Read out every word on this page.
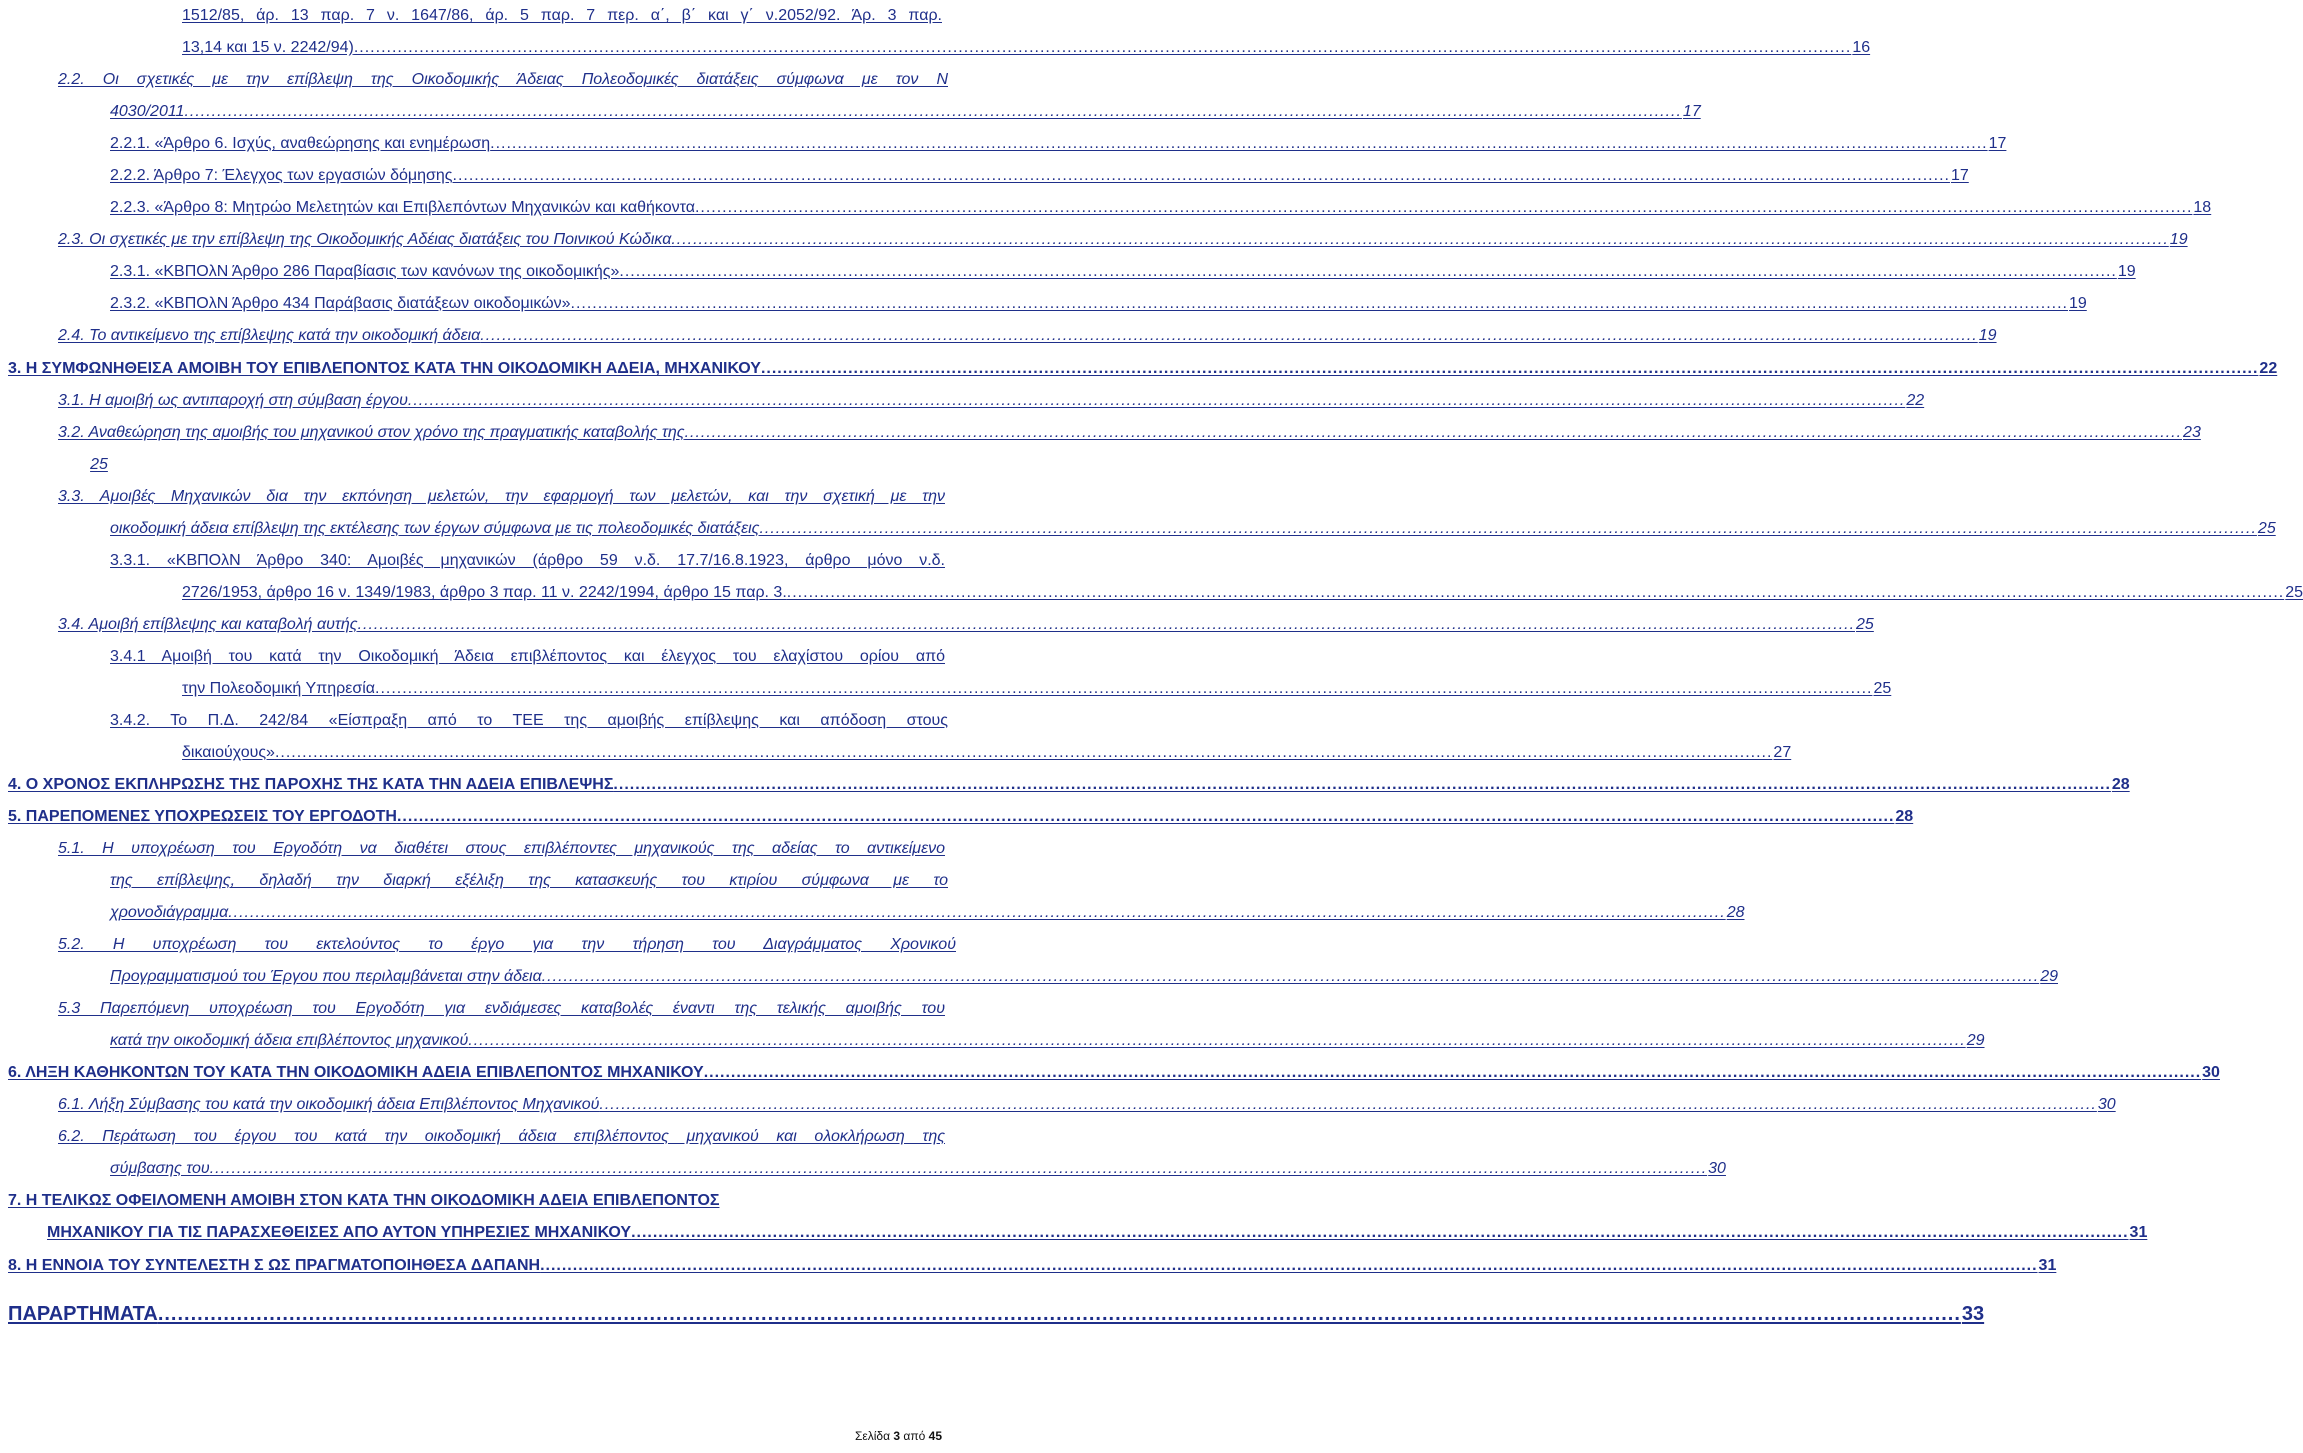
1512/85, άρ. 13 παρ. 7 ν. 1647/86, άρ. 5 παρ. 7 περ. α΄, β΄ και γ΄ ν.2052/92. Άρ. 3 παρ.
13,14 και 15 ν. 2242/94) .....	16
2.2. Οι σχετικές με την επίβλεψη της Οικοδομικής Άδειας Πολεοδομικές διατάξεις σύμφωνα με τον Ν
4030/2011 .....	17
2.2.1. «Άρθρο 6. Ισχύς, αναθεώρησης και ενημέρωση .....	17
2.2.2. Άρθρο 7: Έλεγχος των εργασιών δόμησης .....	17
2.2.3. «Άρθρο 8: Μητρώο Μελετητών και Επιβλεπόντων Μηχανικών και καθήκοντα .....	18
2.3. Οι σχετικές με την επίβλεψη της Οικοδομικής Αδέιας διατάξεις του Ποινικού Κώδικα .....	19
2.3.1. «ΚΒΠΟλΝ Άρθρο 286 Παραβίασις των κανόνων της οικοδομικής» .....	19
2.3.2. «ΚΒΠΟλΝ Άρθρο 434 Παράβασις διατάξεων οικοδομικών» .....	19
2.4. Το αντικείμενο της επίβλεψης κατά την οικοδομική άδεια .....	19
3. Η ΣΥΜΦΩΝΗΘΕΙΣΑ ΑΜΟΙΒΗ ΤΟΥ ΕΠΙΒΛΕΠΟΝΤΟΣ ΚΑΤΑ ΤΗΝ ΟΙΚΟΔΟΜΙΚΗ ΑΔΕΙΑ, ΜΗΧΑΝΙΚΟΥ .....	22
3.1. Η αμοιβή ως αντιπαροχή στη σύμβαση έργου .....	22
3.2. Αναθεώρηση της αμοιβής του μηχανικού στον χρόνο της πραγματικής καταβολής της .....	23
25
3.3. Αμοιβές Μηχανικών δια την εκπόνηση μελετών, την εφαρμογή των μελετών, και την σχετική με την
οικοδομική άδεια επίβλεψη της εκτέλεσης των έργων σύμφωνα με τις πολεοδομικές διατάξεις .....	25
3.3.1. «ΚΒΠΟλΝ Άρθρο 340: Αμοιβές μηχανικών (άρθρο 59 ν.δ. 17.7/16.8.1923, άρθρο μόνο ν.δ.
2726/1953, άρθρο 16 ν. 1349/1983, άρθρο 3 παρ. 11 ν. 2242/1994, άρθρο 15 παρ. 3. .....	25
3.4. Αμοιβή επίβλεψης και καταβολή αυτής .....	25
3.4.1 Αμοιβή του κατά την Οικοδομική Άδεια επιβλέποντος και έλεγχος του ελαχίστου ορίου από
την Πολεοδομική Υπηρεσία .....	25
3.4.2. Το Π.Δ. 242/84 «Είσπραξη από το ΤΕΕ της αμοιβής επίβλεψης και απόδοση στους
δικαιούχους» .....	27
4. Ο ΧΡΟΝΟΣ ΕΚΠΛΗΡΩΣΗΣ ΤΗΣ ΠΑΡΟΧΗΣ ΤΗΣ ΚΑΤΑ ΤΗΝ ΑΔΕΙΑ ΕΠΙΒΛΕΨΗΣ .....	28
5. ΠΑΡΕΠΟΜΕΝΕΣ ΥΠΟΧΡΕΩΣΕΙΣ ΤΟΥ ΕΡΓΟΔΟΤΗ .....	28
5.1. Η υποχρέωση του Εργοδότη να διαθέτει στους επιβλέποντες μηχανικούς της αδείας το αντικείμενο
της επίβλεψης, δηλαδή την διαρκή εξέλιξη της κατασκευής του κτιρίου σύμφωνα με το
χρονοδιάγραμμα .....	28
5.2. Η υποχρέωση του εκτελούντος το έργο για την τήρηση του Διαγράμματος Χρονικού
Προγραμματισμού του Έργου που περιλαμβάνεται στην άδεια .....	29
5.3 Παρεπόμενη υποχρέωση του Εργοδότη για ενδιάμεσες καταβολές έναντι της τελικής αμοιβής του
κατά την οικοδομική άδεια επιβλέποντος μηχανικού .....	29
6. ΛΗΞΗ ΚΑΘΗΚΟΝΤΩΝ ΤΟΥ ΚΑΤΑ ΤΗΝ ΟΙΚΟΔΟΜΙΚΗ ΑΔΕΙΑ ΕΠΙΒΛΕΠΟΝΤΟΣ ΜΗΧΑΝΙΚΟΥ .....	30
6.1. Λήξη Σύμβασης του κατά την οικοδομική άδεια Επιβλέποντος Μηχανικού .....	30
6.2. Περάτωση του έργου του κατά την οικοδομική άδεια επιβλέποντος μηχανικού και ολοκλήρωση της
σύμβασης του .....	30
7. Η ΤΕΛΙΚΩΣ ΟΦΕΙΛΟΜΕΝΗ ΑΜΟΙΒΗ ΣΤΟΝ ΚΑΤΑ ΤΗΝ ΟΙΚΟΔΟΜΙΚΗ ΑΔΕΙΑ ΕΠΙΒΛΕΠΟΝΤΟΣ
ΜΗΧΑΝΙΚΟΥ ΓΙΑ ΤΙΣ ΠΑΡΑΣΧΕΘΕΙΣΕΣ ΑΠΟ ΑΥΤΟΝ ΥΠΗΡΕΣΙΕΣ ΜΗΧΑΝΙΚΟΥ .....	31
8. Η ΕΝΝΟΙΑ ΤΟΥ ΣΥΝΤΕΛΕΣΤΗ Σ ΩΣ ΠΡΑΓΜΑΤΟΠΟΙΗΘΕΣΑ ΔΑΠΑΝΗ .....	31
ΠΑΡΑΡΤΗΜΑΤΑ .....	33
Σελίδα 3 από 45
